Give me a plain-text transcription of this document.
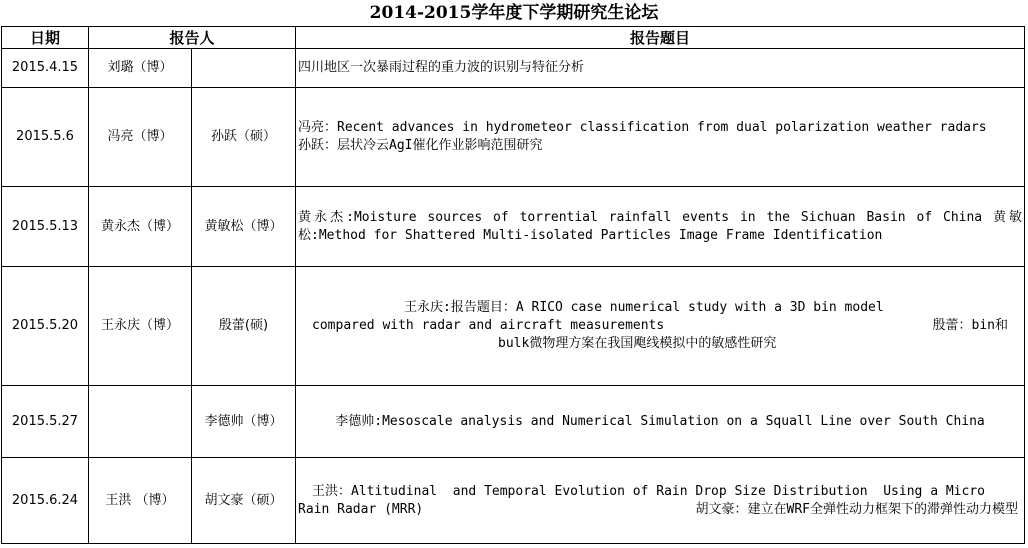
2014-2015学年度下学期研究生论坛
日期	报告人		报告题目
2015.4.15	刘璐（博）		四川地区一次暴雨过程的重力波的识别与特征分析

2015.5.6	冯亮（博）	孙跃（硕）	冯亮：Recent advances in hydrometeor classification from dual polarization weather radars
孙跃：层状冷云AgI催化作业影响范围研究

2015.5.13	黄永杰（博）	黄敏松（博）	黄永杰:Moisture sources of torrential rainfall events in the Sichuan Basin of China 黄敏松:Method for Shattered Multi-isolated Particles Image Frame Identification
2015.5.20	王永庆（博）	殷蕾(硕)	王永庆:报告题目：A RICO case numerical study with a 3D bin model
compared with radar and aircraft measurements 殷蕾：bin和
bulk微物理方案在我国飑线模拟中的敏感性研究

2015.5.27		李德帅（博）	李德帅:Mesoscale analysis and Numerical Simulation on a Squall Line over South China
2015.6.24	王洪 （博）	胡文豪（硕）	王洪：Altitudinal  and Temporal Evolution of Rain Drop Size Distribution  Using a Micro
Rain Radar (MRR) 胡文豪：建立在WRF全弹性动力框架下的滞弹性动力模型
